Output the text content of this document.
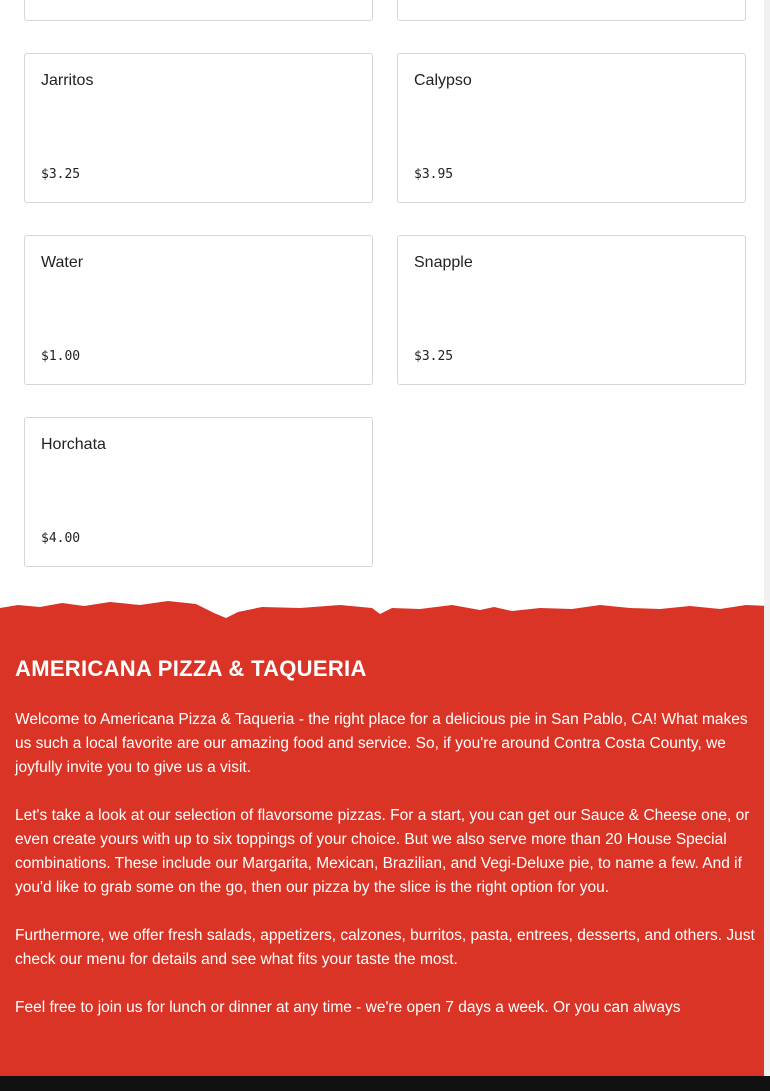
Jarritos
$3.25
Calypso
$3.95
Water
$1.00
Snapple
$3.25
Horchata
$4.00
AMERICANA PIZZA & TAQUERIA

Welcome to Americana Pizza & Taqueria - the right place for a delicious pie in San Pablo, CA! What makes us such a local favorite are our amazing food and service. So, if you're around Contra Costa County, we joyfully invite you to give us a visit.

Let's take a look at our selection of flavorsome pizzas. For a start, you can get our Sauce & Cheese one, or even create yours with up to six toppings of your choice. But we also serve more than 20 House Special combinations. These include our Margarita, Mexican, Brazilian, and Vegi-Deluxe pie, to name a few. And if you'd like to grab some on the go, then our pizza by the slice is the right option for you.

Furthermore, we offer fresh salads, appetizers, calzones, burritos, pasta, entrees, desserts, and others. Just check our menu for details and see what fits your taste the most.

Feel free to join us for lunch or dinner at any time - we're open 7 days a week. Or you can always
